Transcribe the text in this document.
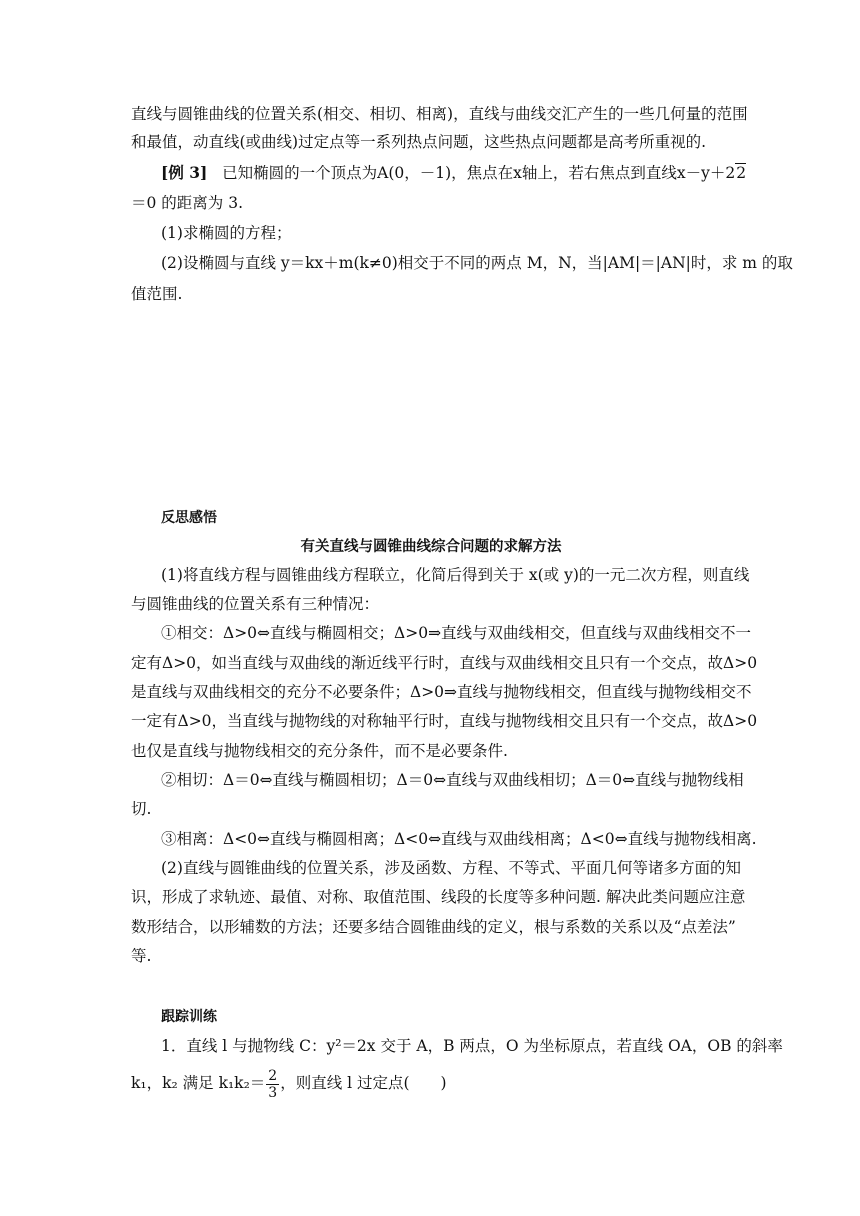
直线与圆锥曲线的位置关系(相交、相切、相离)，直线与曲线交汇产生的一些几何量的范围
和最值，动直线(或曲线)过定点等一系列热点问题，这些热点问题都是高考所重视的.
[例 3] 已知椭圆的一个顶点为A(0，－1)，焦点在x轴上，若右焦点到直线x－y＋22
＝0 的距离为 3.
(1)求椭圆的方程；
(2)设椭圆与直线 y＝kx＋m(k≠0)相交于不同的两点 M，N，当|AM|＝|AN|时，求 m 的取
值范围.
反思感悟
有关直线与圆锥曲线综合问题的求解方法
(1)将直线方程与圆锥曲线方程联立，化简后得到关于 x(或 y)的一元二次方程，则直线
与圆锥曲线的位置关系有三种情况：
①相交：Δ>0⇔直线与椭圆相交；Δ>0⇒直线与双曲线相交，但直线与双曲线相交不一
定有Δ>0，如当直线与双曲线的渐近线平行时，直线与双曲线相交且只有一个交点，故Δ>0
是直线与双曲线相交的充分不必要条件；Δ>0⇒直线与抛物线相交，但直线与抛物线相交不
一定有Δ>0，当直线与抛物线的对称轴平行时，直线与抛物线相交且只有一个交点，故Δ>0
也仅是直线与抛物线相交的充分条件，而不是必要条件.
②相切：Δ＝0⇔直线与椭圆相切；Δ＝0⇔直线与双曲线相切；Δ＝0⇔直线与抛物线相
切.
③相离：Δ<0⇔直线与椭圆相离；Δ<0⇔直线与双曲线相离；Δ<0⇔直线与抛物线相离.
(2)直线与圆锥曲线的位置关系，涉及函数、方程、不等式、平面几何等诸多方面的知
识，形成了求轨迹、最值、对称、取值范围、线段的长度等多种问题. 解决此类问题应注意
数形结合，以形辅数的方法；还要多结合圆锥曲线的定义，根与系数的关系以及“点差法”
等.
跟踪训练
1．直线 l 与抛物线 C：y²＝2x 交于 A，B 两点，O 为坐标原点，若直线 OA，OB 的斜率
k₁，k₂ 满足 $k_1k_2= \frac{2}{3}$ ，则直线 l 过定点(　　)
